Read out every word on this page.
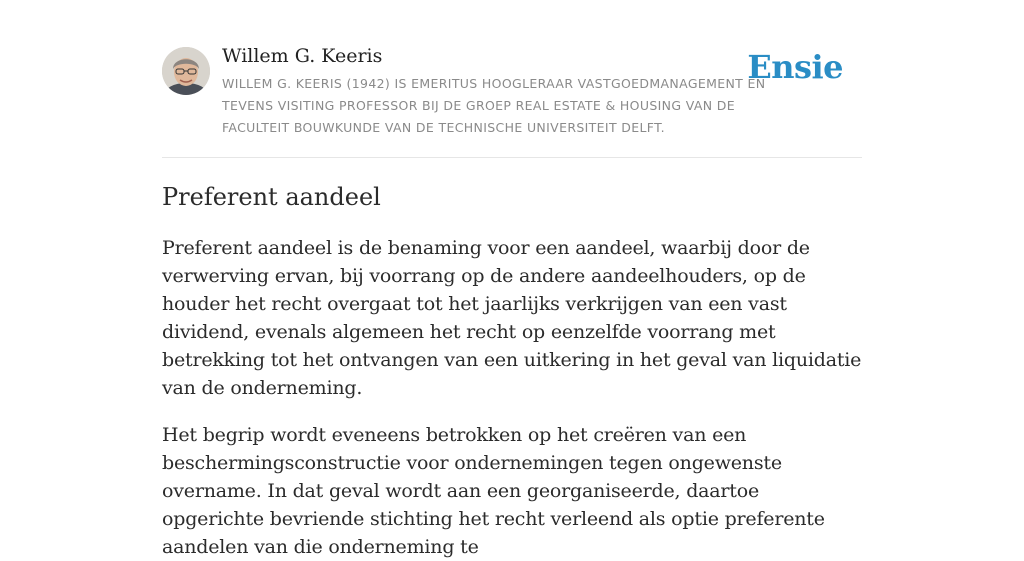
Willem G. Keeris
WILLEM G. KEERIS (1942) IS EMERITUS HOOGLERAAR VASTGOEDMANAGEMENT EN TEVENS VISITING PROFESSOR BIJ DE GROEP REAL ESTATE & HOUSING VAN DE FACULTEIT BOUWKUNDE VAN DE TECHNISCHE UNIVERSITEIT DELFT.
Ensie
Preferent aandeel

Preferent aandeel is de benaming voor een aandeel, waarbij door de verwerving ervan, bij voorrang op de andere aandeelhouders, op de houder het recht overgaat tot het jaarlijks verkrijgen van een vast dividend, evenals algemeen het recht op eenzelfde voorrang met betrekking tot het ontvangen van een uitkering in het geval van liquidatie van de onderneming.

Het begrip wordt eveneens betrokken op het creëren van een beschermingsconstructie voor ondernemingen tegen ongewenste overname. In dat geval wordt aan een georganiseerde, daartoe opgerichte bevriende stichting het recht verleend als optie preferente aandelen van die onderneming te
